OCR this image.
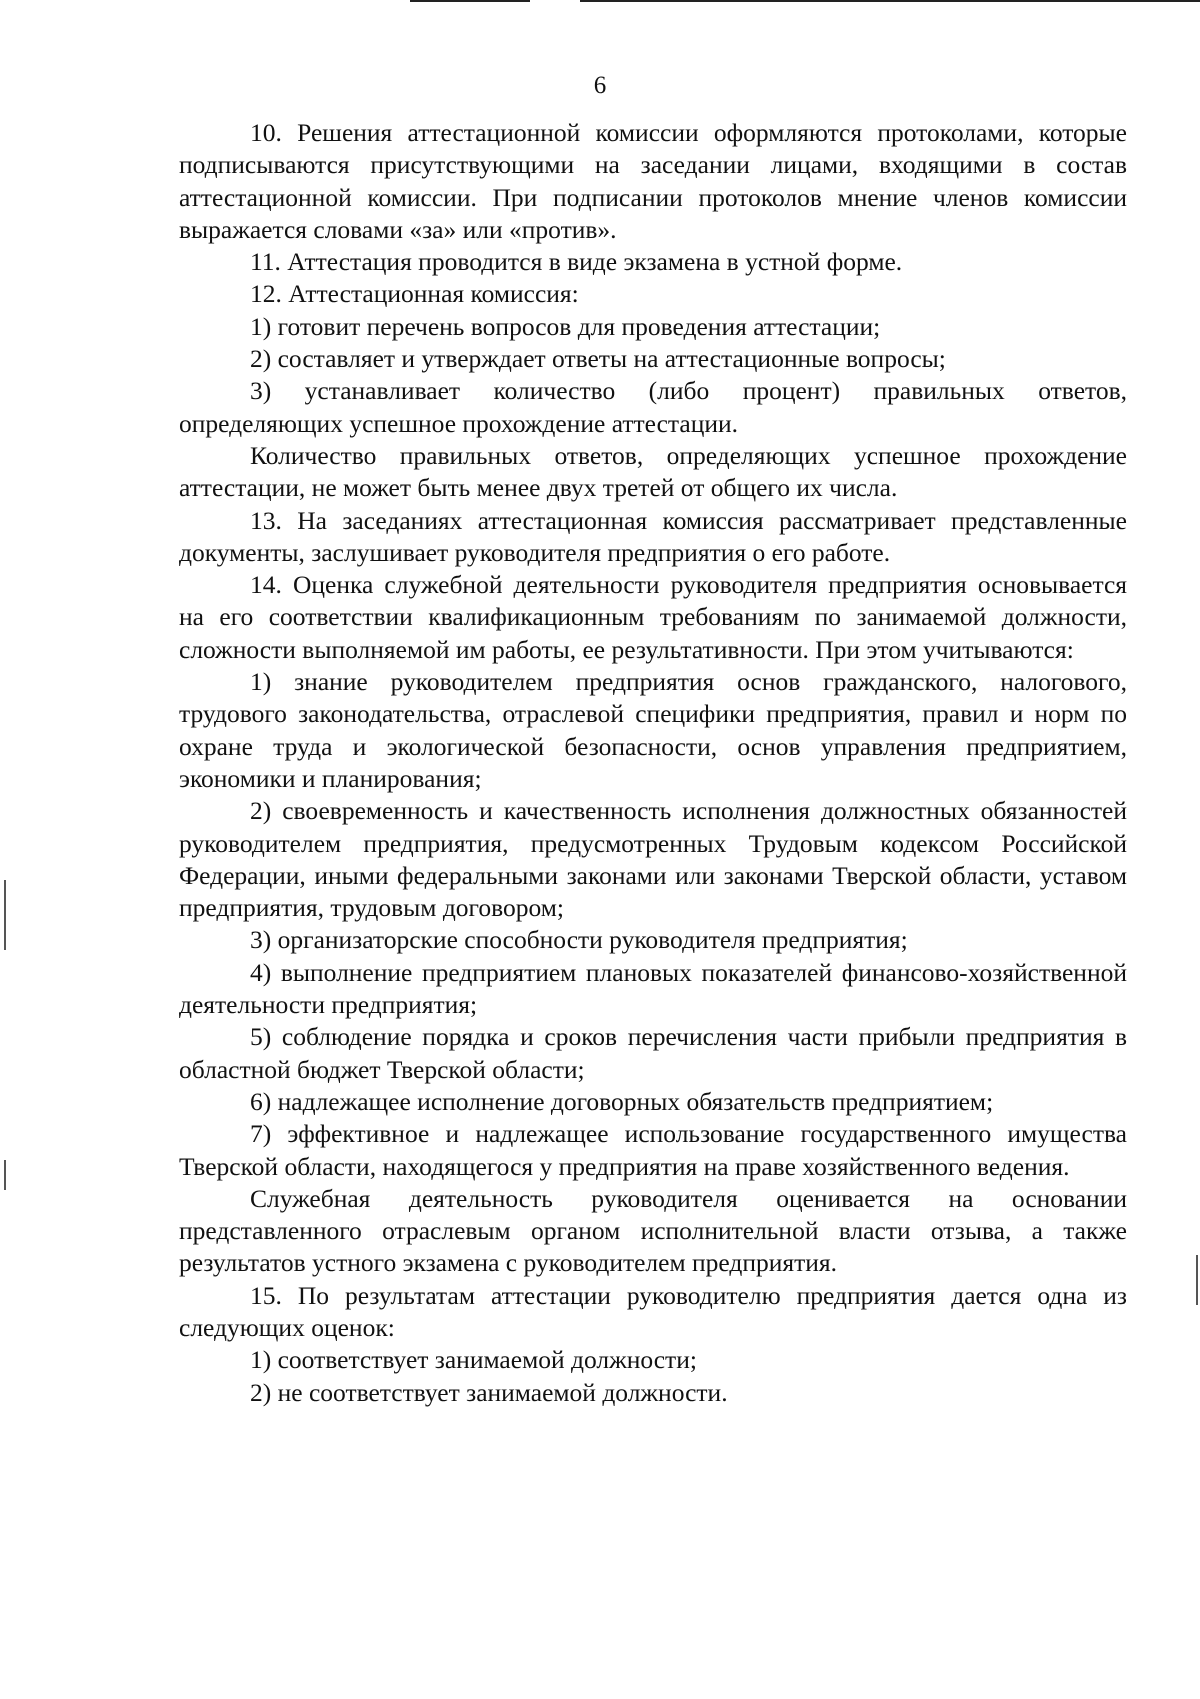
6

10. Решения аттестационной комиссии оформляются протоколами, которые подписываются присутствующими на заседании лицами, входящими в состав аттестационной комиссии. При подписании протоколов мнение членов комиссии выражается словами «за» или «против».

11. Аттестация проводится в виде экзамена в устной форме.

12. Аттестационная комиссия:

1) готовит перечень вопросов для проведения аттестации;

2) составляет и утверждает ответы на аттестационные вопросы;

3) устанавливает количество (либо процент) правильных ответов, определяющих успешное прохождение аттестации.

Количество правильных ответов, определяющих успешное прохождение аттестации, не может быть менее двух третей от общего их числа.

13. На заседаниях аттестационная комиссия рассматривает представленные документы, заслушивает руководителя предприятия о его работе.

14. Оценка служебной деятельности руководителя предприятия основывается на его соответствии квалификационным требованиям по занимаемой должности, сложности выполняемой им работы, ее результативности. При этом учитываются:

1) знание руководителем предприятия основ гражданского, налогового, трудового законодательства, отраслевой специфики предприятия, правил и норм по охране труда и экологической безопасности, основ управления предприятием, экономики и планирования;

2) своевременность и качественность исполнения должностных обязанностей руководителем предприятия, предусмотренных Трудовым кодексом Российской Федерации, иными федеральными законами или законами Тверской области, уставом предприятия, трудовым договором;

3) организаторские способности руководителя предприятия;

4) выполнение предприятием плановых показателей финансово-хозяйственной деятельности предприятия;

5) соблюдение порядка и сроков перечисления части прибыли предприятия в областной бюджет Тверской области;

6) надлежащее исполнение договорных обязательств предприятием;

7) эффективное и надлежащее использование государственного имущества Тверской области, находящегося у предприятия на праве хозяйственного ведения.

Служебная деятельность руководителя оценивается на основании представленного отраслевым органом исполнительной власти отзыва, а также результатов устного экзамена с руководителем предприятия.

15. По результатам аттестации руководителю предприятия дается одна из следующих оценок:

1) соответствует занимаемой должности;

2) не соответствует занимаемой должности.
